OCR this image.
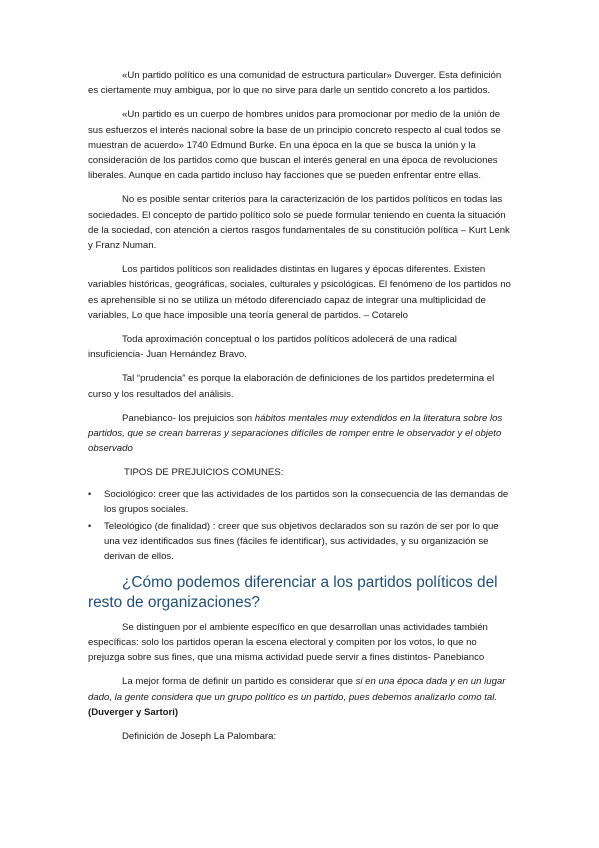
«Un partido político es una comunidad de estructura particular» Duverger. Esta definición es ciertamente muy ambigua, por lo que no sirve para darle un sentido concreto a los partidos.

«Un partido es un cuerpo de hombres unidos para promocionar por medio de la unión de sus esfuerzos el interés nacional sobre la base de un principio concreto respecto al cual todos se muestran de acuerdo» 1740 Edmund Burke. En una época en la que se busca la unión y la consideración de los partidos como que buscan el interés general en una época de revoluciones liberales. Aunque en cada partido incluso hay facciones que se pueden enfrentar entre ellas.

No es posible sentar criterios para la caracterización de los partidos políticos en todas las sociedades. El concepto de partido político solo se puede formular teniendo en cuenta la situación de la sociedad, con atención a ciertos rasgos fundamentales de su constitución política – Kurt Lenk y Franz Numan.

Los partidos políticos son realidades distintas en lugares y épocas diferentes. Existen variables históricas, geográficas, sociales, culturales y psicológicas. El fenómeno de los partidos no es aprehensible si no se utiliza un método diferenciado capaz de integrar una multiplicidad de variables, Lo que hace imposible una teoría general de partidos. – Cotarelo

Toda aproximación conceptual o los partidos políticos adolecerá de una radical insuficiencia- Juan Hernández Bravo.

Tal “prudencia” es porque la elaboración de definiciones de los partidos predetermina el curso y los resultados del análisis.

Panebianco- los prejuicios son hábitos mentales muy extendidos en la literatura sobre los partidos, que se crean barreras y separaciones difíciles de romper entre le observador y el objeto observado

TIPOS DE PREJUICIOS COMUNES:

•	Sociológico: creer que las actividades de los partidos son la consecuencia de las demandas de los grupos sociales.
•	Teleológico (de finalidad) : creer que sus objetivos declarados son su razón de ser por lo que una vez identificados sus fines (fáciles fe identificar), sus actividades, y su organización se derivan de ellos.
¿Cómo podemos diferenciar a los partidos políticos del resto de organizaciones?

Se distinguen por el ambiente específico en que desarrollan unas actividades también específicas: solo los partidos operan la escena electoral y compiten por los votos, lo que no prejuzga sobre sus fines, que una misma actividad puede servir a fines distintos- Panebianco

La mejor forma de definir un partido es considerar que si en una época dada y en un lugar dado, la gente considera que un grupo político es un partido, pues debemos analizarlo como tal. (Duverger y Sartori)

Definición de Joseph La Palombara:
